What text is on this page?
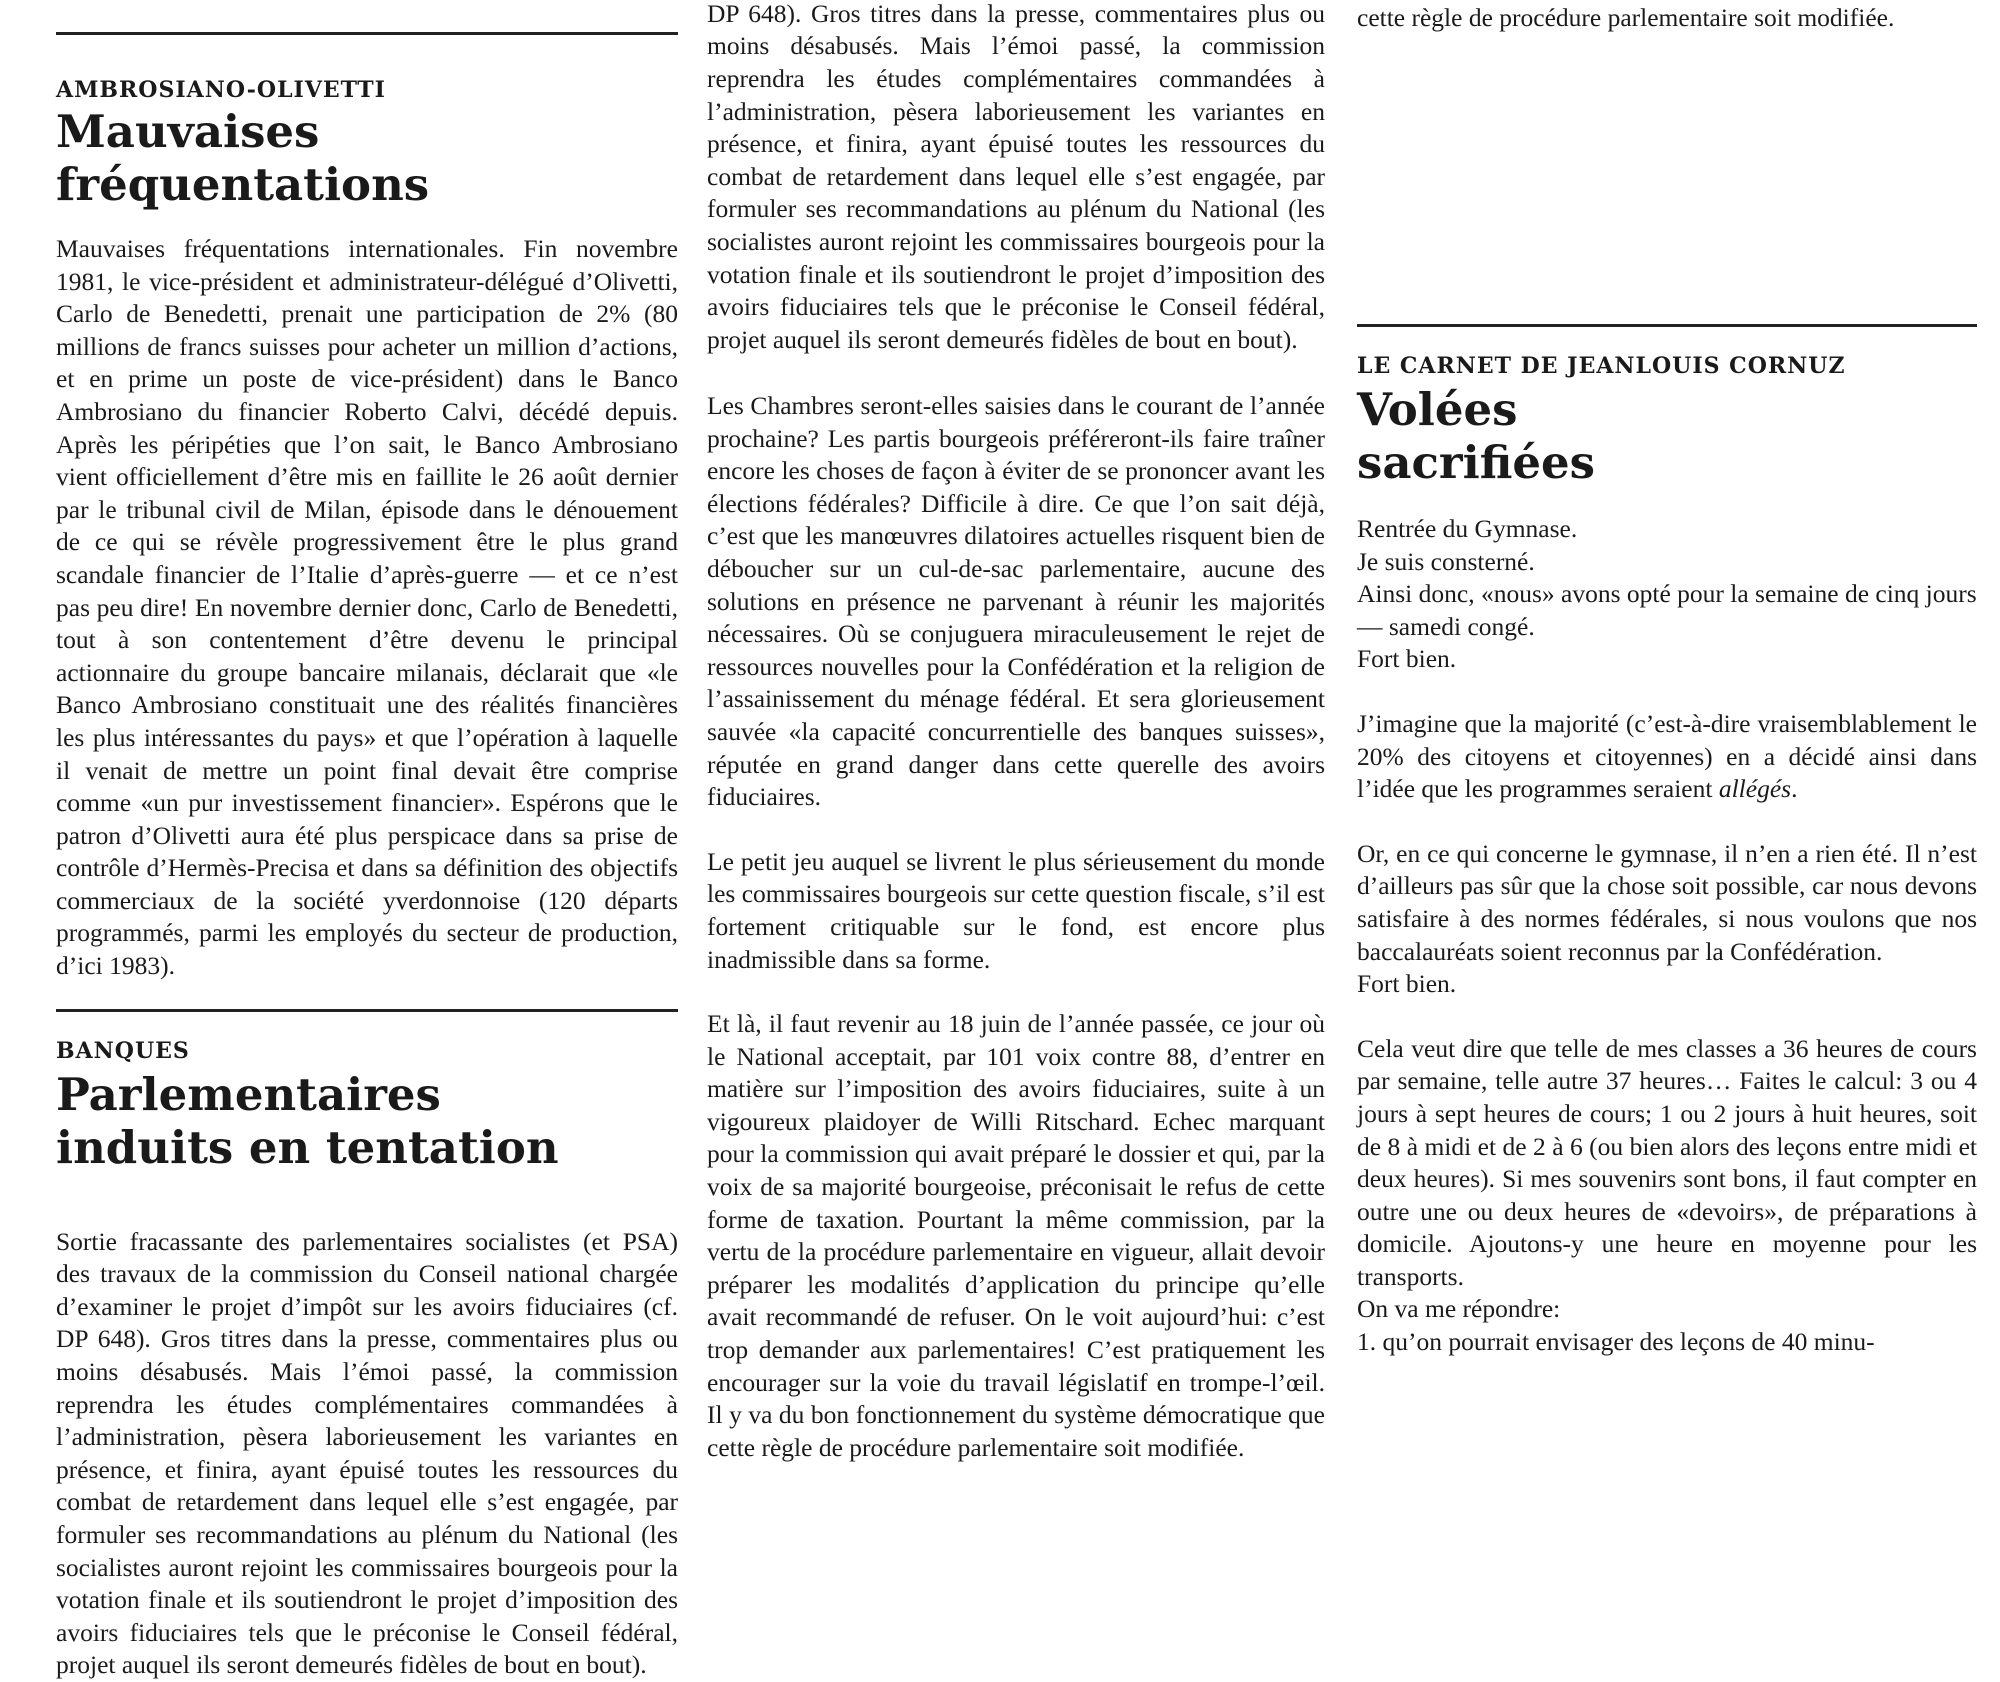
AMBROSIANO-OLIVETTI
Mauvaises
fréquentations

Mauvaises fréquentations internationales. Fin novembre 1981, le vice-président et administrateur-délégué d’Olivetti, Carlo de Benedetti, prenait une participation de 2% (80 millions de francs suisses pour acheter un million d’actions, et en prime un poste de vice-président) dans le Banco Ambrosiano du financier Roberto Calvi, décédé depuis. Après les péripéties que l’on sait, le Banco Ambrosiano vient officiellement d’être mis en faillite le 26 août dernier par le tribunal civil de Milan, épisode dans le dénouement de ce qui se révèle progressivement être le plus grand scandale financier de l’Italie d’après-guerre — et ce n’est pas peu dire! En novembre dernier donc, Carlo de Benedetti, tout à son contentement d’être devenu le principal actionnaire du groupe bancaire milanais, déclarait que «le Banco Ambrosiano constituait une des réalités financières les plus intéressantes du pays» et que l’opération à laquelle il venait de mettre un point final devait être comprise comme «un pur investissement financier». Espérons que le patron d’Olivetti aura été plus perspicace dans sa prise de contrôle d’Hermès-Precisa et dans sa définition des objectifs commerciaux de la société yverdonnoise (120 départs programmés, parmi les employés du secteur de production, d’ici 1983).

BANQUES
Parlementaires
induits en tentation

Sortie fracassante des parlementaires socialistes (et PSA) des travaux de la commission du Conseil national chargée d’examiner le projet d’impôt sur les avoirs fiduciaires (cf. DP 648). Gros titres dans la presse, commentaires plus ou moins désabusés. Mais l’émoi passé, la commission reprendra les études complémentaires commandées à l’administration, pèsera laborieusement les variantes en présence, et finira, ayant épuisé toutes les ressources du combat de retardement dans lequel elle s’est engagée, par formuler ses recommandations au plénum du National (les socialistes auront rejoint les commissaires bourgeois pour la votation finale et ils soutiendront le projet d’imposition des avoirs fiduciaires tels que le préconise le Conseil fédéral, projet auquel ils seront demeurés fidèles de bout en bout).

DP 648). Gros titres dans la presse, commentaires plus ou moins désabusés. Mais l’émoi passé, la commission reprendra les études complémentaires commandées à l’administration, pèsera laborieusement les variantes en présence, et finira, ayant épuisé toutes les ressources du combat de retardement dans lequel elle s’est engagée, par formuler ses recommandations au plénum du National (les socialistes auront rejoint les commissaires bourgeois pour la votation finale et ils soutiendront le projet d’imposition des avoirs fiduciaires tels que le préconise le Conseil fédéral, projet auquel ils seront demeurés fidèles de bout en bout).

Les Chambres seront-elles saisies dans le courant de l’année prochaine? Les partis bourgeois préféreront-ils faire traîner encore les choses de façon à éviter de se prononcer avant les élections fédérales? Difficile à dire. Ce que l’on sait déjà, c’est que les manœuvres dilatoires actuelles risquent bien de déboucher sur un cul-de-sac parlementaire, aucune des solutions en présence ne parvenant à réunir les majorités nécessaires. Où se conjuguera miraculeusement le rejet de ressources nouvelles pour la Confédération et la religion de l’assainissement du ménage fédéral. Et sera glorieusement sauvée «la capacité concurrentielle des banques suisses», réputée en grand danger dans cette querelle des avoirs fiduciaires.

Le petit jeu auquel se livrent le plus sérieusement du monde les commissaires bourgeois sur cette question fiscale, s’il est fortement critiquable sur le fond, est encore plus inadmissible dans sa forme.

Et là, il faut revenir au 18 juin de l’année passée, ce jour où le National acceptait, par 101 voix contre 88, d’entrer en matière sur l’imposition des avoirs fiduciaires, suite à un vigoureux plaidoyer de Willi Ritschard. Echec marquant pour la commission qui avait préparé le dossier et qui, par la voix de sa majorité bourgeoise, préconisait le refus de cette forme de taxation. Pourtant la même commission, par la vertu de la procédure parlementaire en vigueur, allait devoir préparer les modalités d’application du principe qu’elle avait recommandé de refuser. On le voit aujourd’hui: c’est trop demander aux parlementaires! C’est pratiquement les encourager sur la voie du travail législatif en trompe-l’œil. Il y va du bon fonctionnement du système démocratique que cette règle de procédure parlementaire soit modifiée.

cette règle de procédure parlementaire soit modifiée.

LE CARNET DE JEANLOUIS CORNUZ
Volées
sacrifiées

Rentrée du Gymnase.

Je suis consterné.

Ainsi donc, «nous» avons opté pour la semaine de cinq jours — samedi congé.

Fort bien.

J’imagine que la majorité (c’est-à-dire vraisemblablement le 20% des citoyens et citoyennes) en a décidé ainsi dans l’idée que les programmes seraient allégés.

Or, en ce qui concerne le gymnase, il n’en a rien été. Il n’est d’ailleurs pas sûr que la chose soit possible, car nous devons satisfaire à des normes fédérales, si nous voulons que nos baccalauréats soient reconnus par la Confédération.

Fort bien.

Cela veut dire que telle de mes classes a 36 heures de cours par semaine, telle autre 37 heures… Faites le calcul: 3 ou 4 jours à sept heures de cours; 1 ou 2 jours à huit heures, soit de 8 à midi et de 2 à 6 (ou bien alors des leçons entre midi et deux heures). Si mes souvenirs sont bons, il faut compter en outre une ou deux heures de «devoirs», de préparations à domicile. Ajoutons-y une heure en moyenne pour les transports.

On va me répondre:

1. qu’on pourrait envisager des leçons de 40 minu-
